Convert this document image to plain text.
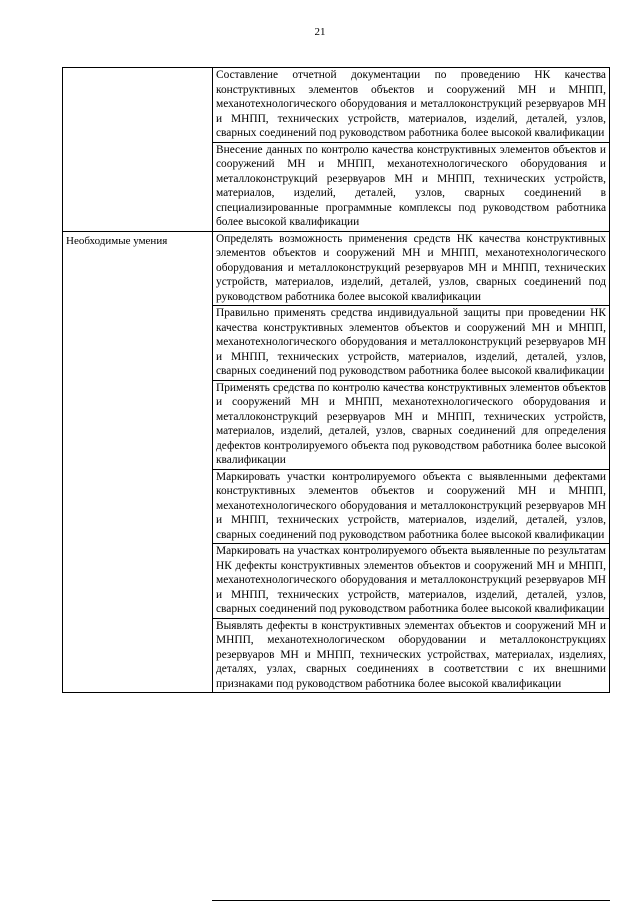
21
	Составление отчетной документации по проведению НК качества конструктивных элементов объектов и сооружений МН и МНПП, механотехнологического оборудования и металлоконструкций резервуаров МН и МНПП, технических устройств, материалов, изделий, деталей, узлов, сварных соединений под руководством работника более высокой квалификации
	Внесение данных по контролю качества конструктивных элементов объектов и сооружений МН и МНПП, механотехнологического оборудования и металлоконструкций резервуаров МН и МНПП, технических устройств, материалов, изделий, деталей, узлов, сварных соединений в специализированные программные комплексы под руководством работника более высокой квалификации
Необходимые умения	Определять возможность применения средств НК качества конструктивных элементов объектов и сооружений МН и МНПП, механотехнологического оборудования и металлоконструкций резервуаров МН и МНПП, технических устройств, материалов, изделий, деталей, узлов, сварных соединений под руководством работника более высокой квалификации
	Правильно применять средства индивидуальной защиты при проведении НК качества конструктивных элементов объектов и сооружений МН и МНПП, механотехнологического оборудования и металлоконструкций резервуаров МН и МНПП, технических устройств, материалов, изделий, деталей, узлов, сварных соединений под руководством работника более высокой квалификации
	Применять средства по контролю качества конструктивных элементов объектов и сооружений МН и МНПП, механотехнологического оборудования и металлоконструкций резервуаров МН и МНПП, технических устройств, материалов, изделий, деталей, узлов, сварных соединений для определения дефектов контролируемого объекта под руководством работника более высокой квалификации
	Маркировать участки контролируемого объекта с выявленными дефектами конструктивных элементов объектов и сооружений МН и МНПП, механотехнологического оборудования и металлоконструкций резервуаров МН и МНПП, технических устройств, материалов, изделий, деталей, узлов, сварных соединений под руководством работника более высокой квалификации
	Маркировать на участках контролируемого объекта выявленные по результатам НК дефекты конструктивных элементов объектов и сооружений МН и МНПП, механотехнологического оборудования и металлоконструкций резервуаров МН и МНПП, технических устройств, материалов, изделий, деталей, узлов, сварных соединений под руководством работника более высокой квалификации
	Выявлять дефекты в конструктивных элементах объектов и сооружений МН и МНПП, механотехнологическом оборудовании и металлоконструкциях резервуаров МН и МНПП, технических устройствах, материалах, изделиях, деталях, узлах, сварных соединениях в соответствии с их внешними признаками под руководством работника более высокой квалификации
